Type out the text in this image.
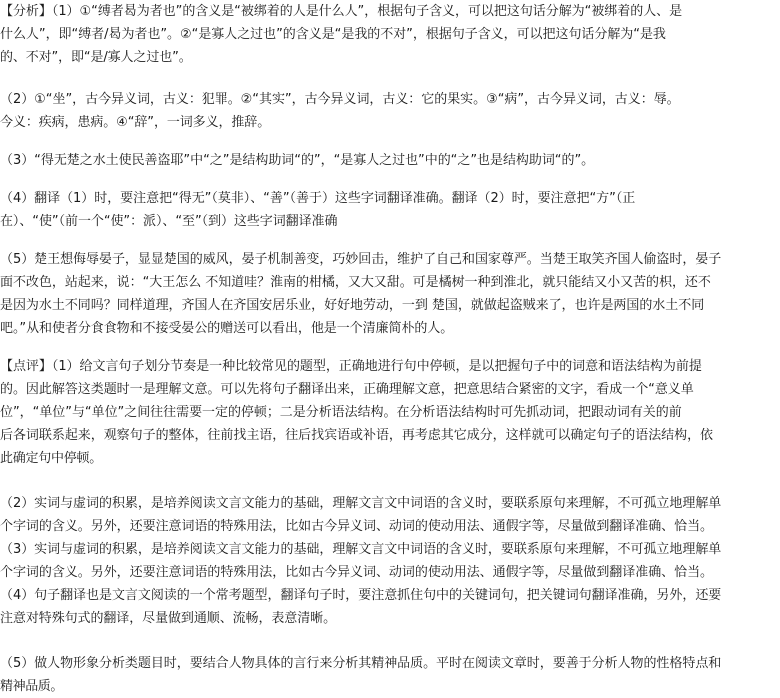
【分析】（1）①“缚者曷为者也”的含义是“被绑着的人是什么人”，根据句子含义，可以把这句话分解为“被绑着的人、是
什么人”，即“缚者/曷为者也”。②“是寡人之过也”的含义是“是我的不对”，根据句子含义，可以把这句话分解为“是我
的、不对”，即“是/寡人之过也”。
（2）①“坐”，古今异义词，古义：犯罪。②“其实”，古今异义词，古义：它的果实。③“病”，古今异义词，古义：辱。
今义：疾病，患病。④“辞”，一词多义，推辞。
（3）“得无楚之水土使民善盗耶”中“之”是结构助词“的”，“是寡人之过也”中的“之”也是结构助词“的”。
（4）翻译（1）时，要注意把“得无”（莫非）、“善”（善于）这些字词翻译准确。翻译（2）时，要注意把“方”（正
在）、“使”（前一个“使”：派）、“至”（到）这些字词翻译准确
（5）楚王想侮辱晏子，显显楚国的威风，晏子机制善变，巧妙回击，维护了自己和国家尊严。当楚王取笑齐国人偷盗时，晏子
面不改色，站起来，说：“大王怎么 不知道哇？淮南的柑橘，又大又甜。可是橘树一种到淮北，就只能结又小又苦的枳，还不
是因为水土不同吗？同样道理，齐国人在齐国安居乐业，好好地劳动，一到 楚国，就做起盗贼来了，也许是两国的水土不同
吧。”从和使者分食食物和不接受晏公的赠送可以看出，他是一个清廉简朴的人。
【点评】（1）给文言句子划分节奏是一种比较常见的题型，正确地进行句中停顿，是以把握句子中的词意和语法结构为前提
的。因此解答这类题时一是理解文意。可以先将句子翻译出来，正确理解文意，把意思结合紧密的文字，看成一个“意义单
位”，“单位”与“单位”之间往往需要一定的停顿；二是分析语法结构。在分析语法结构时可先抓动词，把跟动词有关的前
后各词联系起来，观察句子的整体，往前找主语，往后找宾语或补语，再考虑其它成分，这样就可以确定句子的语法结构，依
此确定句中停顿。
（2）实词与虚词的积累，是培养阅读文言文能力的基础，理解文言文中词语的含义时，要联系原句来理解，不可孤立地理解单
个字词的含义。另外，还要注意词语的特殊用法，比如古今异义词、动词的使动用法、通假字等，尽量做到翻译准确、恰当。
（3）实词与虚词的积累，是培养阅读文言文能力的基础，理解文言文中词语的含义时，要联系原句来理解，不可孤立地理解单
个字词的含义。另外，还要注意词语的特殊用法，比如古今异义词、动词的使动用法、通假字等，尽量做到翻译准确、恰当。
（4）句子翻译也是文言文阅读的一个常考题型，翻译句子时，要注意抓住句中的关键词句，把关键词句翻译准确，另外，还要
注意对特殊句式的翻译，尽量做到通顺、流畅，表意清晰。
（5）做人物形象分析类题目时，要结合人物具体的言行来分析其精神品质。平时在阅读文章时，要善于分析人物的性格特点和
精神品质。
